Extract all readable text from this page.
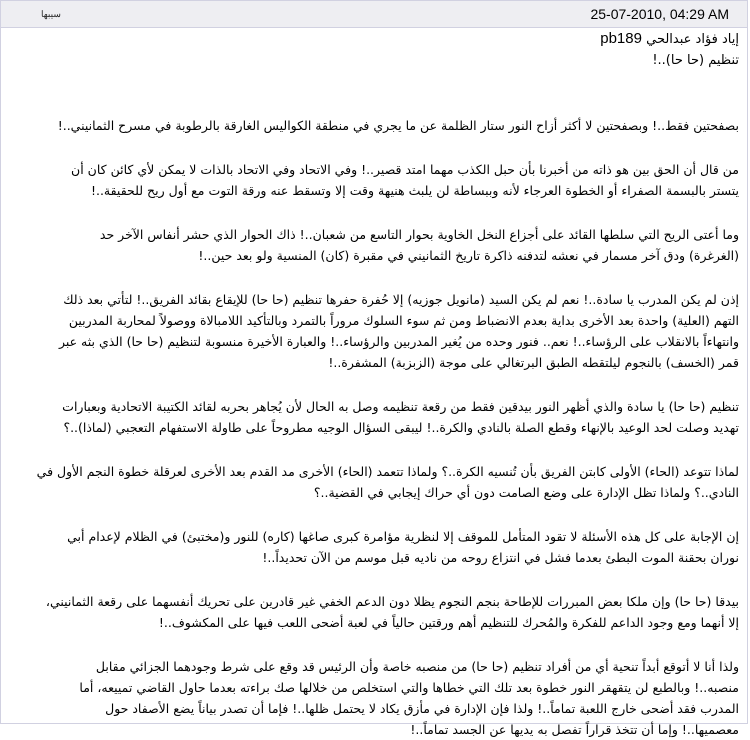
سيبها	25-07-2010, 04:29 AM

إياد فؤاد عبدالحي pb189

تنظيم (حا حا)..!

بصفحتين فقط..! وبصفحتين لا أكثر أزاح النور ستار الظلمة عن ما يجري في منطقة الكواليس الغارقة بالرطوبة في مسرح الثمانيني..!

من قال أن الحق بين هو ذاته من أخبرنا بأن حبل الكذب مهما امتد قصير..! وفي الاتحاد وفي الاتحاد بالذات لا يمكن لأي كائن كان أن
يتستر بالبسمة الصفراء أو الخطوة العرجاء لأنه وببساطة لن يلبث هنيهة وقت إلا وتسقط عنه ورقة التوت مع أول ريح للحقيقة..!

وما أعتى الريح التي سلطها القائد على أجزاع النخل الخاوية بحوار التاسع من شعبان..! ذاك الحوار الذي حشر أنفاس الآخر حد
(الغرغرة) ودق آخر مسمار في نعشه لتدفنه ذاكرة تاريخ الثمانيني في مقبرة (كان) المنسية ولو بعد حين..!

إذن لم يكن المدرب يا سادة..! نعم لم يكن السيد (مانويل جوزيه) إلا حُفرة حفرها تنظيم (حا حا) للإيقاع بقائد الفريق..! لتأتي بعد ذلك
التهم (العلية) واحدة بعد الأخرى بداية بعدم الانضباط ومن ثم سوء السلوك مروراً بالتمرد وبالتأكيد اللامبالاة ووصولاً لمحاربة المدربين
وانتهاءاً بالانقلاب على الرؤساء..! نعم.. فنور وحده من يُغير المدربين والرؤساء..! والعبارة الأخيرة منسوبة لتنظيم (حا حا) الذي بثه عبر
قمر (الخسف) بالنجوم ليلتقطه الطبق البرتغالي على موجة (الزبزبة) المشفرة..!

تنظيم (حا حا) يا سادة والذي أظهر النور بيدقين فقط من رقعة تنظيمه وصل به الحال لأن يُجاهر بحربه لقائد الكتيبة الاتحادية وبعبارات
تهديد وصلت لحد الوعيد بالإنهاء وقطع الصلة بالنادي والكرة..! ليبقى السؤال الوجيه مطروحاً على طاولة الاستفهام التعجبي (لماذا)..؟

لماذا تتوعد (الحاء) الأولى كابتن الفريق بأن تُنسيه الكرة..؟ ولماذا تتعمد (الحاء) الأخرى مد القدم بعد الأخرى لعرقلة خطوة النجم الأول في
النادي..؟ ولماذا تظل الإدارة على وضع الصامت دون أي حراك إيجابي في القضية..؟

إن الإجابة على كل هذه الأسئلة لا تقود المتأمل للموقف إلا لنظرية مؤامرة كبرى صاغها (كاره) للنور و(مختبئ) في الظلام لإعدام أبي
نوران بحقنة الموت البطئ بعدما فشل في انتزاع روحه من ناديه قبل موسم من الآن تحديداً..!

بيدقا (حا حا) وإن ملكا بعض المبررات للإطاحة بنجم النجوم يظلا دون الدعم الخفي غير قادرين على تحريك أنفسهما على رقعة الثمانيني،
إلا أنهما ومع وجود الداعم للفكرة والمُحرك للتنظيم أهم ورقتين حالياً في لعبة أضحى اللعب فيها على المكشوف..!

ولذا أنا لا أتوقع أبداً تنحية أي من أفراد تنظيم (حا حا) من منصبه خاصة وأن الرئيس قد وقع على شرط وجودهما الجزائي مقابل
منصبه..! وبالطبع لن يتقهقر النور خطوة بعد تلك التي خطاها والتي استخلص من خلالها صك براءته بعدما حاول القاضي تمييعه، أما
المدرب فقد أضحى خارج اللعبة تماماً..! ولذا فإن الإدارة في مأزق يكاد لا يحتمل ظلها..! فإما أن تصدر بياناً يضع الأصفاد حول
معصميها..! وإما أن تتخذ قراراً تفصل به يديها عن الجسد تماماً..!
